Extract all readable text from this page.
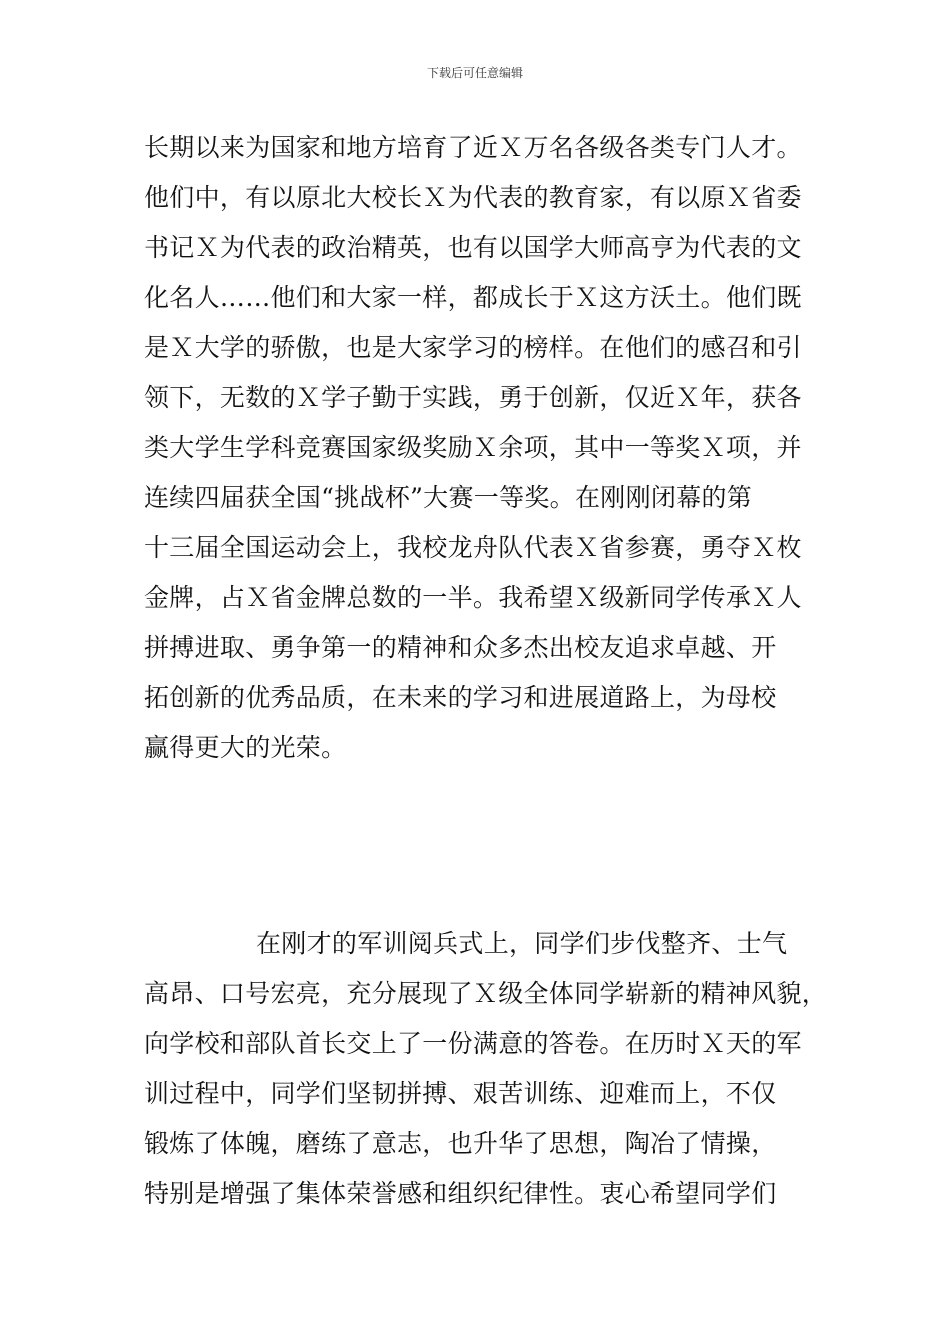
下载后可任意编辑
长期以来为国家和地方培育了近Ｘ万名各级各类专门人才。
他们中，有以原北大校长Ｘ为代表的教育家，有以原Ｘ省委
书记Ｘ为代表的政治精英，也有以国学大师高亨为代表的文
化名人……他们和大家一样，都成长于Ｘ这方沃土。他们既
是Ｘ大学的骄傲，也是大家学习的榜样。在他们的感召和引
领下，无数的Ｘ学子勤于实践，勇于创新，仅近Ｘ年，获各
类大学生学科竞赛国家级奖励Ｘ余项，其中一等奖Ｘ项，并
连续四届获全国“挑战杯”大赛一等奖。在刚刚闭幕的第
十三届全国运动会上，我校龙舟队代表Ｘ省参赛，勇夺Ｘ枚
金牌，占Ｘ省金牌总数的一半。我希望Ｘ级新同学传承Ｘ人
拼搏进取、勇争第一的精神和众多杰出校友追求卓越、开
拓创新的优秀品质，在未来的学习和进展道路上，为母校
赢得更大的光荣。
在刚才的军训阅兵式上，同学们步伐整齐、士气
高昂、口号宏亮，充分展现了Ｘ级全体同学崭新的精神风貌，
向学校和部队首长交上了一份满意的答卷。在历时Ｘ天的军
训过程中，同学们坚韧拼搏、艰苦训练、迎难而上，不仅
锻炼了体魄，磨练了意志，也升华了思想，陶冶了情操，
特别是增强了集体荣誉感和组织纪律性。衷心希望同学们
